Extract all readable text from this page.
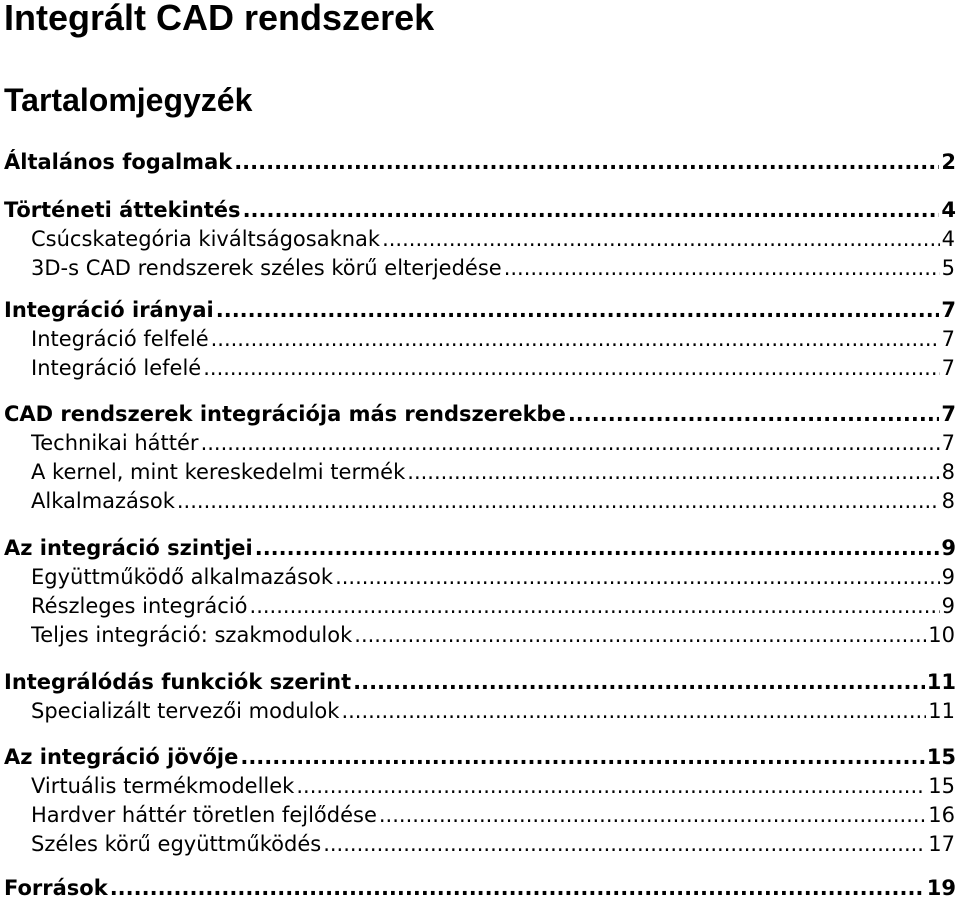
Integrált CAD rendszerek
Tartalomjegyzék
Általános fogalmak .....	2
Történeti áttekintés .....	4
Csúcskategória kiváltságosaknak .....	4
3D-s CAD rendszerek széles körű elterjedése .....	5
Integráció irányai .....	7
Integráció felfelé .....	7
Integráció lefelé .....	7
CAD rendszerek integrációja más rendszerekbe .....	7
Technikai háttér .....	7
A kernel, mint kereskedelmi termék .....	8
Alkalmazások .....	8
Az integráció szintjei .....	9
Együttműködő alkalmazások .....	9
Részleges integráció .....	9
Teljes integráció: szakmodulok .....	10
Integrálódás funkciók szerint .....	11
Specializált tervezői modulok .....	11
Az integráció jövője .....	15
Virtuális termékmodellek .....	15
Hardver háttér töretlen fejlődése .....	16
Széles körű együttműködés .....	17
Források .....	19
